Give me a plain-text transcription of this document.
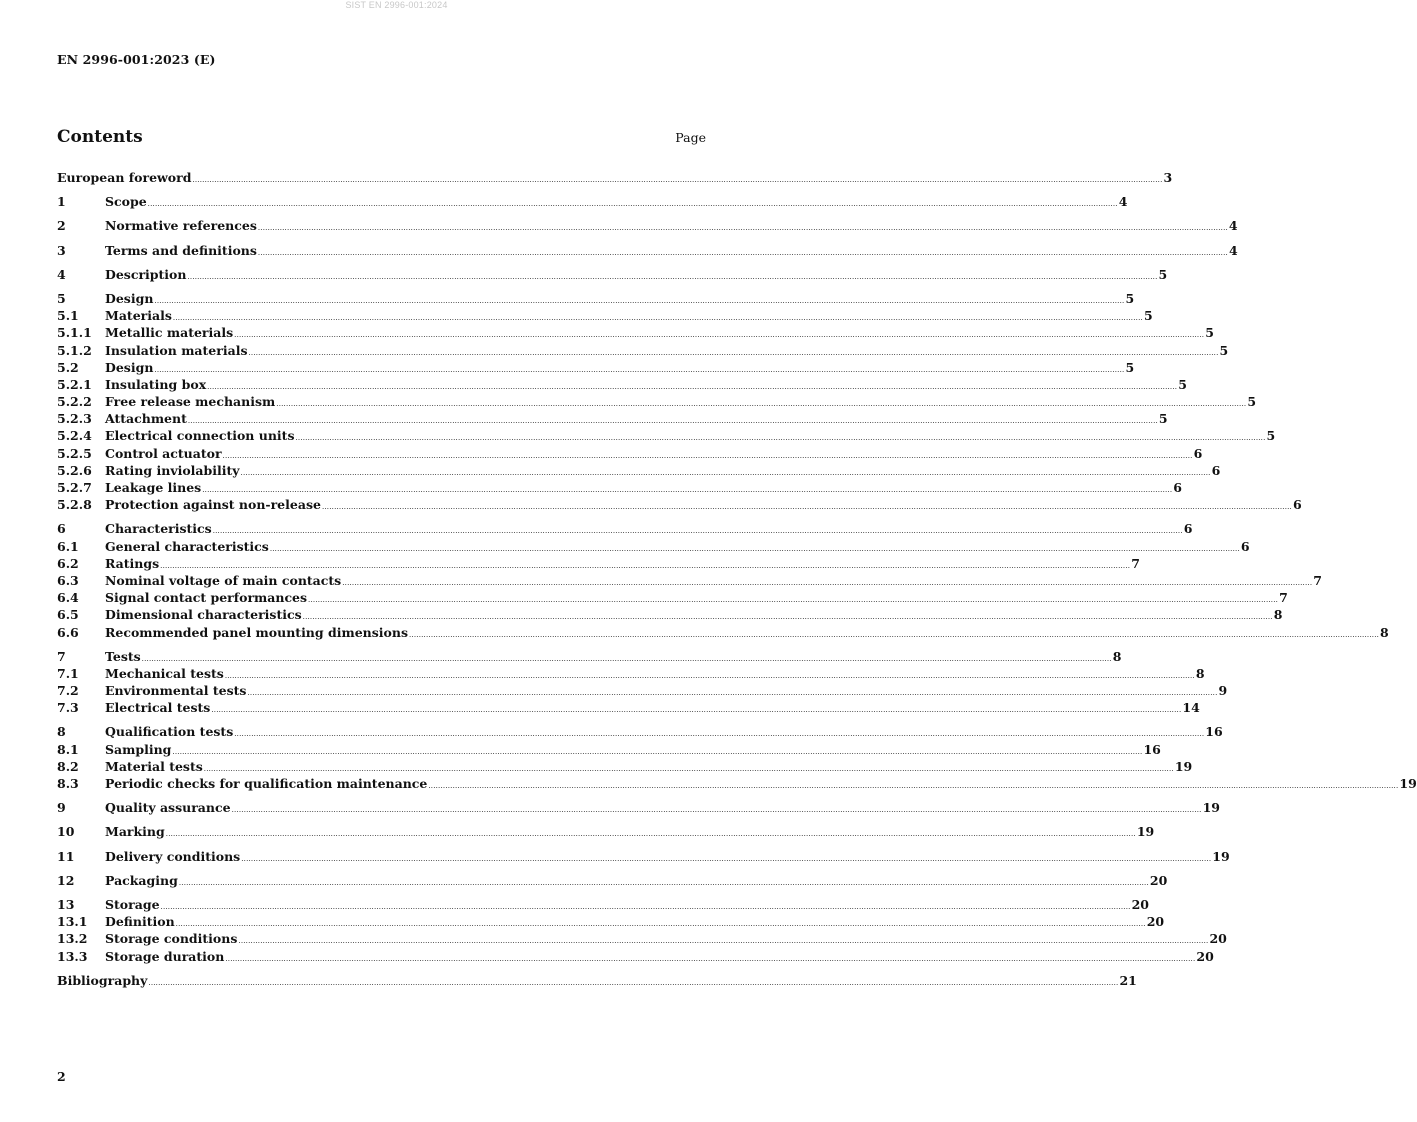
SIST EN 2996-001:2024
EN 2996-001:2023 (E)
Contents	Page
European foreword ................................................................................................................................................................................................................................................................................................................................................................................................................ 3
1	Scope ................................................................................................................................................................................................................................................................................................................................................................................................................ 4
2	Normative references ................................................................................................................................................................................................................................................................................................................................................................................................................ 4
3	Terms and definitions ................................................................................................................................................................................................................................................................................................................................................................................................................ 4
4	Description ................................................................................................................................................................................................................................................................................................................................................................................................................ 5
5	Design ................................................................................................................................................................................................................................................................................................................................................................................................................ 5
5.1	Materials ................................................................................................................................................................................................................................................................................................................................................................................................................ 5
5.1.1	Metallic materials ................................................................................................................................................................................................................................................................................................................................................................................................................ 5
5.1.2	Insulation materials ................................................................................................................................................................................................................................................................................................................................................................................................................ 5
5.2	Design ................................................................................................................................................................................................................................................................................................................................................................................................................ 5
5.2.1	Insulating box ................................................................................................................................................................................................................................................................................................................................................................................................................ 5
5.2.2	Free release mechanism ................................................................................................................................................................................................................................................................................................................................................................................................................ 5
5.2.3	Attachment ................................................................................................................................................................................................................................................................................................................................................................................................................ 5
5.2.4	Electrical connection units ................................................................................................................................................................................................................................................................................................................................................................................................................ 5
5.2.5	Control actuator ................................................................................................................................................................................................................................................................................................................................................................................................................ 6
5.2.6	Rating inviolability ................................................................................................................................................................................................................................................................................................................................................................................................................ 6
5.2.7	Leakage lines ................................................................................................................................................................................................................................................................................................................................................................................................................ 6
5.2.8	Protection against non-release ................................................................................................................................................................................................................................................................................................................................................................................................................ 6
6	Characteristics ................................................................................................................................................................................................................................................................................................................................................................................................................ 6
6.1	General characteristics ................................................................................................................................................................................................................................................................................................................................................................................................................ 6
6.2	Ratings ................................................................................................................................................................................................................................................................................................................................................................................................................ 7
6.3	Nominal voltage of main contacts ................................................................................................................................................................................................................................................................................................................................................................................................................ 7
6.4	Signal contact performances ................................................................................................................................................................................................................................................................................................................................................................................................................ 7
6.5	Dimensional characteristics ................................................................................................................................................................................................................................................................................................................................................................................................................ 8
6.6	Recommended panel mounting dimensions ................................................................................................................................................................................................................................................................................................................................................................................................................ 8
7	Tests ................................................................................................................................................................................................................................................................................................................................................................................................................ 8
7.1	Mechanical tests ................................................................................................................................................................................................................................................................................................................................................................................................................ 8
7.2	Environmental tests ................................................................................................................................................................................................................................................................................................................................................................................................................ 9
7.3	Electrical tests ................................................................................................................................................................................................................................................................................................................................................................................................................ 14
8	Qualification tests ................................................................................................................................................................................................................................................................................................................................................................................................................ 16
8.1	Sampling ................................................................................................................................................................................................................................................................................................................................................................................................................ 16
8.2	Material tests ................................................................................................................................................................................................................................................................................................................................................................................................................ 19
8.3	Periodic checks for qualification maintenance ................................................................................................................................................................................................................................................................................................................................................................................................................ 19
9	Quality assurance ................................................................................................................................................................................................................................................................................................................................................................................................................ 19
10	Marking ................................................................................................................................................................................................................................................................................................................................................................................................................ 19
11	Delivery conditions ................................................................................................................................................................................................................................................................................................................................................................................................................ 19
12	Packaging ................................................................................................................................................................................................................................................................................................................................................................................................................ 20
13	Storage ................................................................................................................................................................................................................................................................................................................................................................................................................ 20
13.1	Definition ................................................................................................................................................................................................................................................................................................................................................................................................................ 20
13.2	Storage conditions ................................................................................................................................................................................................................................................................................................................................................................................................................ 20
13.3	Storage duration ................................................................................................................................................................................................................................................................................................................................................................................................................ 20
Bibliography ................................................................................................................................................................................................................................................................................................................................................................................................................ 21
2
